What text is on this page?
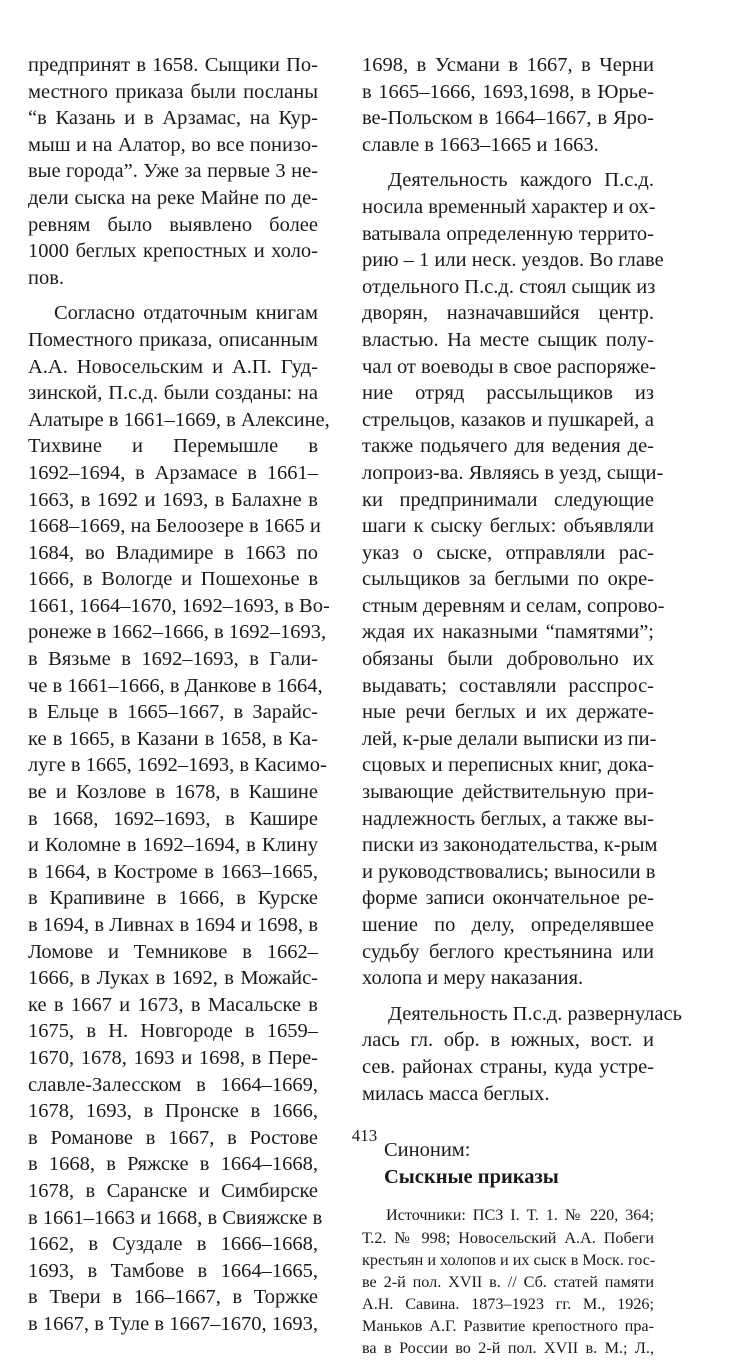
предпринят в 1658. Сыщики По-
местного приказа были посланы
“в Казань и в Арзамас, на Кур-
мыш и на Алатор, во все понизо-
вые города”. Уже за первые 3 не-
дели сыска на реке Майне по де-
ревням было выявлено более
1000 беглых крепостных и холо-
пов.
Согласно отдаточным книгам
Поместного приказа, описанным
А.А. Новосельским и А.П. Гуд-
зинской, П.с.д. были созданы: на
Алатыре в 1661–1669, в Алексине,
Тихвине и Перемышле в
1692–1694, в Арзамасе в 1661–
1663, в 1692 и 1693, в Балахне в
1668–1669, на Белоозере в 1665 и
1684, во Владимире в 1663 по
1666, в Вологде и Пошехонье в
1661, 1664–1670, 1692–1693, в Во-
ронеже в 1662–1666, в 1692–1693,
в Вязьме в 1692–1693, в Гали-
че в 1661–1666, в Данкове в 1664,
в Ельце в 1665–1667, в Зарайс-
ке в 1665, в Казани в 1658, в Ка-
луге в 1665, 1692–1693, в Касимо-
ве и Козлове в 1678, в Кашине
в 1668, 1692–1693, в Кашире
и Коломне в 1692–1694, в Клину
в 1664, в Костроме в 1663–1665,
в Крапивине в 1666, в Курске
в 1694, в Ливнах в 1694 и 1698, в
Ломове и Темникове в 1662–
1666, в Луках в 1692, в Можайс-
ке в 1667 и 1673, в Масальске в
1675, в Н. Новгороде в 1659–
1670, 1678, 1693 и 1698, в Пере-
славле-Залесском в 1664–1669,
1678, 1693, в Пронске в 1666,
в Романове в 1667, в Ростове
в 1668, в Ряжске в 1664–1668,
1678, в Саранске и Симбирске
в 1661–1663 и 1668, в Свияжске в
1662, в Суздале в 1666–1668,
1693, в Тамбове в 1664–1665,
в Твери в 166–1667, в Торжке
в 1667, в Туле в 1667–1670, 1693,
1698, в Усмани в 1667, в Черни
в 1665–1666, 1693,1698, в Юрье-
ве-Польском в 1664–1667, в Яро-
славле в 1663–1665 и 1663.
Деятельность каждого П.с.д.
носила временный характер и ох-
ватывала определенную террито-
рию – 1 или неск. уездов. Во главе
отдельного П.с.д. стоял сыщик из
дворян, назначавшийся центр.
властью. На месте сыщик полу-
чал от воеводы в свое распоряже-
ние отряд рассыльщиков из
стрельцов, казаков и пушкарей, а
также подьячего для ведения де-
лопроиз-ва. Являясь в уезд, сыщи-
ки предпринимали следующие
шаги к сыску беглых: объявляли
указ о сыске, отправляли рас-
сыльщиков за беглыми по окре-
стным деревням и селам, сопрово-
ждая их наказными “памятями”;
обязаны были добровольно их
выдавать; составляли расспрос-
ные речи беглых и их держате-
лей, к-рые делали выписки из пи-
сцовых и переписных книг, дока-
зывающие действительную при-
надлежность беглых, а также вы-
писки из законодательства, к-рым
и руководствовались; выносили в
форме записи окончательное ре-
шение по делу, определявшее
судьбу беглого крестьянина или
холопа и меру наказания.
Деятельность П.с.д. развернулась
лась гл. обр. в южных, вост. и
сев. районах страны, куда устре-
милась масса беглых.
Синоним:
Сыскные приказы
Источники: ПСЗ I. Т. 1. № 220, 364;
Т.2. № 998; Новосельский А.А. Побеги
крестьян и холопов и их сыск в Моск. гос-
ве 2-й пол. XVII в. // Сб. статей памяти
А.Н. Савина. 1873–1923 гг. М., 1926;
Маньков А.Г. Развитие крепостного пра-
ва в России во 2-й пол. XVII в. М.; Л.,
413
